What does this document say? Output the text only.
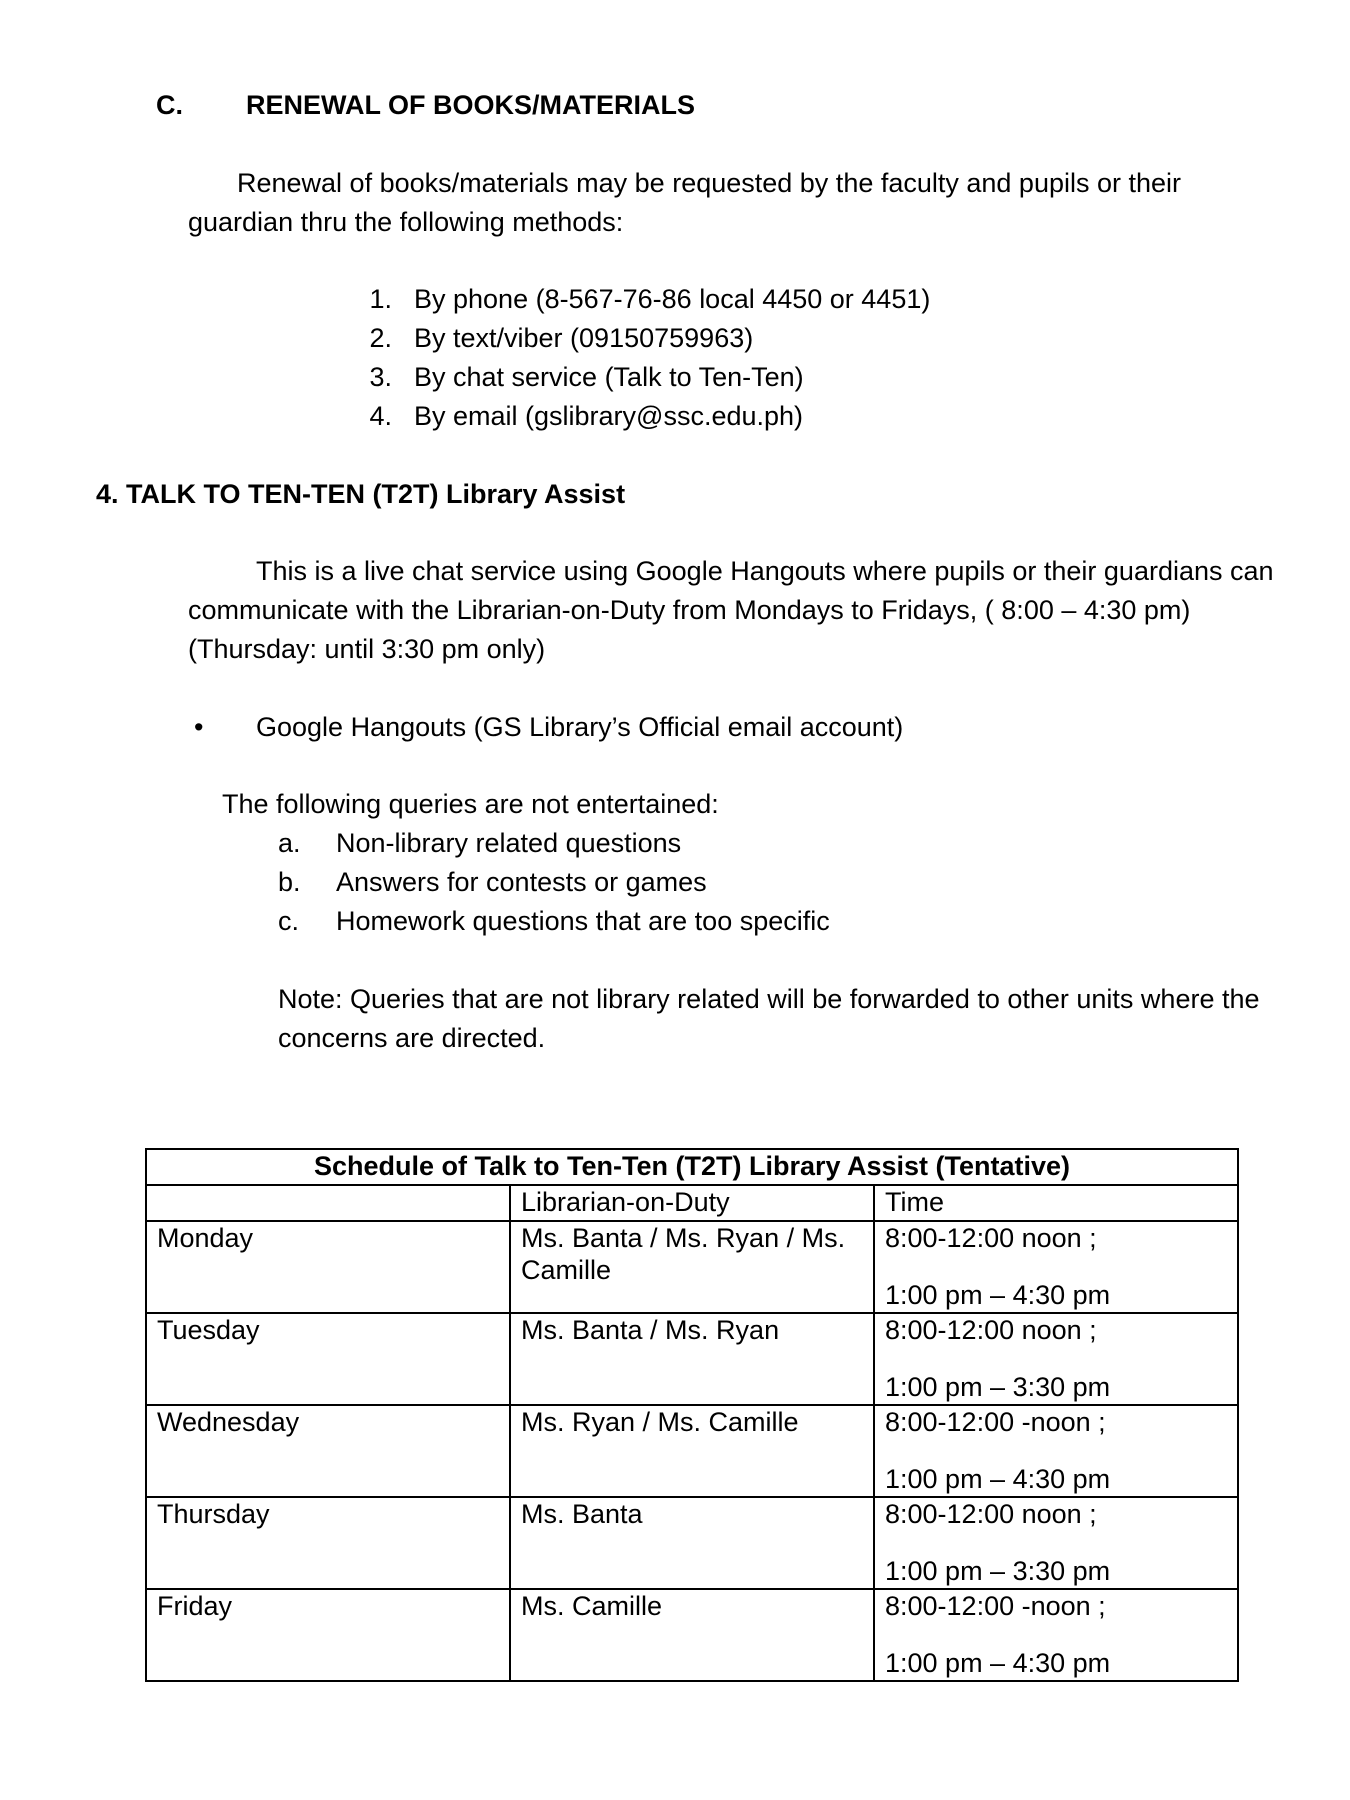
C. RENEWAL OF BOOKS/MATERIALS
Renewal of books/materials may be requested by the faculty and pupils or their guardian thru the following methods:
1. By phone (8-567-76-86 local 4450 or 4451)
2. By text/viber (09150759963)
3. By chat service (Talk to Ten-Ten)
4. By email (gslibrary@ssc.edu.ph)
4. TALK TO TEN-TEN (T2T) Library Assist
This is a live chat service using Google Hangouts where pupils or their guardians can communicate with the Librarian-on-Duty from Mondays to Fridays, ( 8:00 – 4:30 pm) (Thursday: until 3:30 pm only)
• Google Hangouts (GS Library’s Official email account)
The following queries are not entertained:
a. Non-library related questions
b. Answers for contests or games
c. Homework questions that are too specific
Note: Queries that are not library related will be forwarded to other units where the concerns are directed.
Schedule of Talk to Ten-Ten (T2T) Library Assist (Tentative)		
	Librarian-on-Duty	Time
Monday	Ms. Banta / Ms. Ryan / Ms. Camille	8:00-12:00 noon ;
1:00 pm – 4:30 pm

Tuesday	Ms. Banta / Ms. Ryan	8:00-12:00 noon ;
1:00 pm – 3:30 pm

Wednesday	Ms. Ryan / Ms. Camille	8:00-12:00 -noon ;
1:00 pm – 4:30 pm

Thursday	Ms. Banta	8:00-12:00 noon ;
1:00 pm – 3:30 pm

Friday	Ms. Camille	8:00-12:00 -noon ;
1:00 pm – 4:30 pm
